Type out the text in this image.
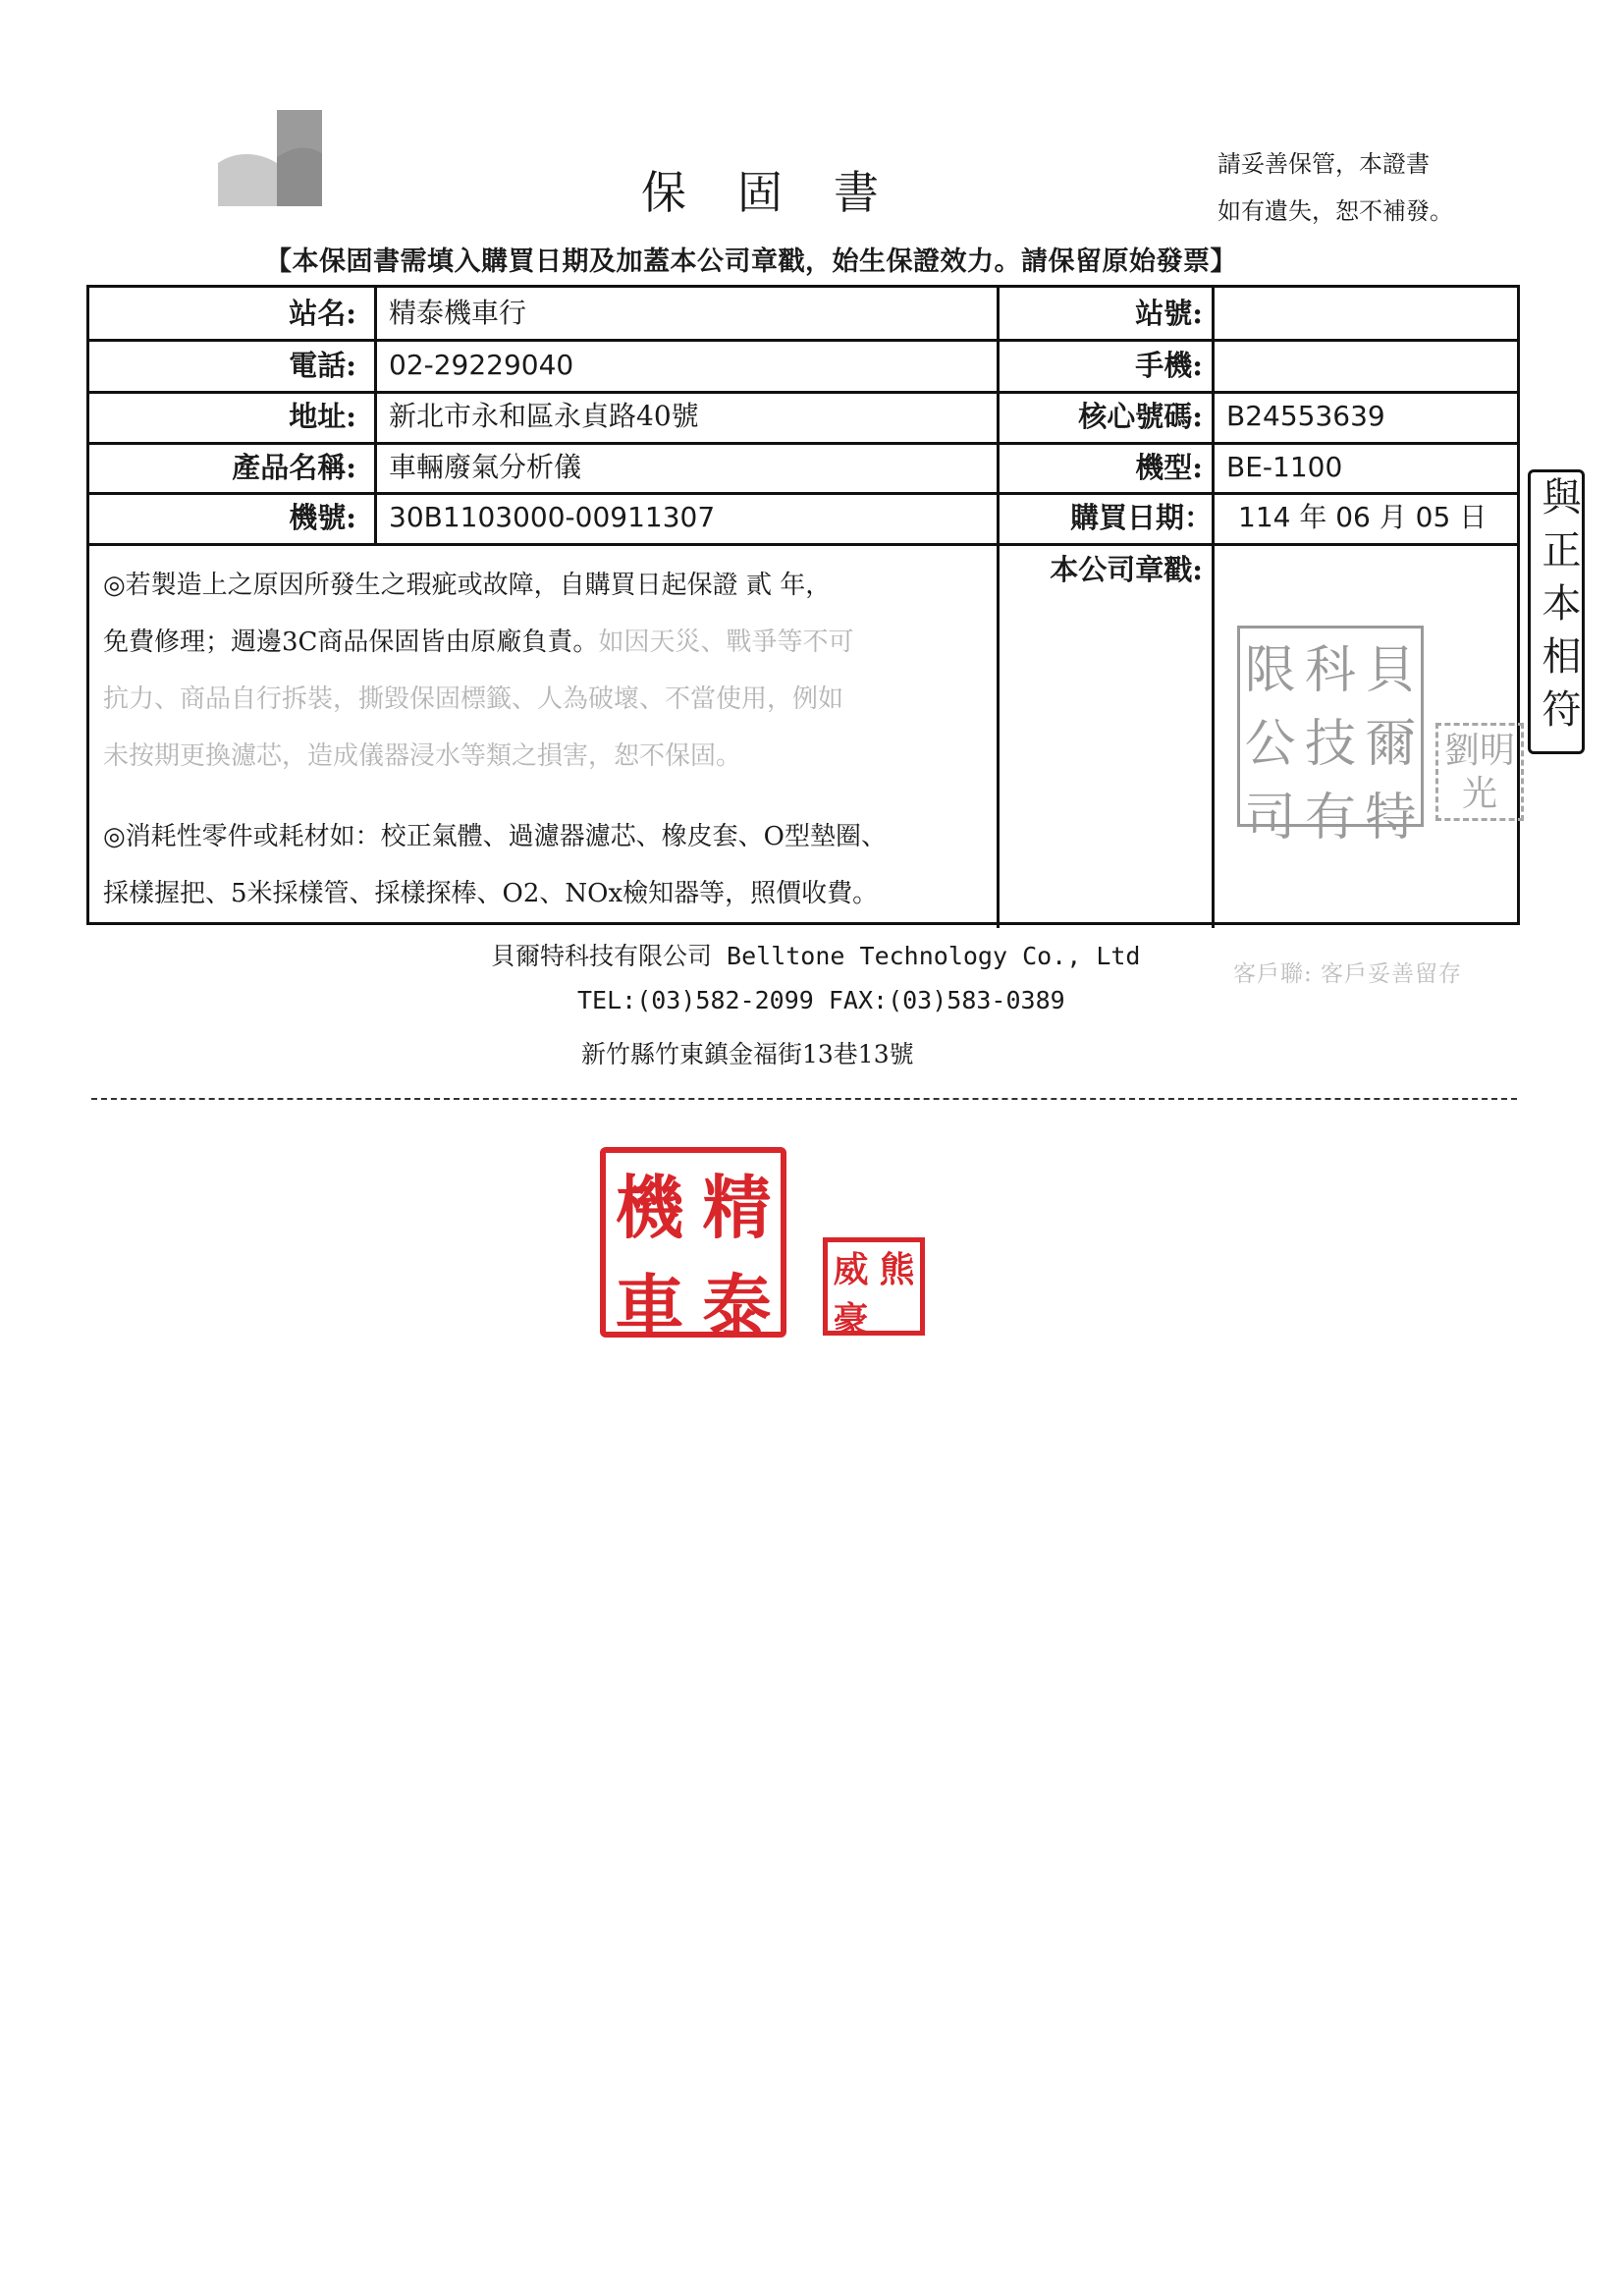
保固書
請妥善保管，本證書
如有遺失，恕不補發。
【本保固書需填入購買日期及加蓋本公司章戳，始生保證效力。請保留原始發票】
站名: 精泰機車行	站號:
電話: 02-29229040	手機:
地址: 新北市永和區永貞路40號	核心號碼: B24553639
產品名稱: 車輛廢氣分析儀	機型: BE-1100
機號: 30B1103000-00911307	購買日期： 114 年 06 月 05 日
本公司章戳:
◎若製造上之原因所發生之瑕疵或故障，自購買日起保證 貳 年，
免費修理；週邊3C商品保固皆由原廠負責。如因天災、戰爭等不可
抗力、商品自行拆裝，撕毀保固標籤、人為破壞、不當使用，例如
未按期更換濾芯，造成儀器浸水等類之損害，恕不保固。
◎消耗性零件或耗材如：校正氣體、過濾器濾芯、橡皮套、O型墊圈、
採樣握把、5米採樣管、採樣探棒、O2、NOx檢知器等，照價收費。
限 科 貝
公 技 爾
司 有 特
劉明光
與正本相符
貝爾特科技有限公司 Belltone Technology Co., Ltd
TEL:(03)582-2099 FAX:(03)583-0389
新竹縣竹東鎮金福街13巷13號
客戶聯: 客戶妥善留存
機 精
車 泰 威 熊
豪
